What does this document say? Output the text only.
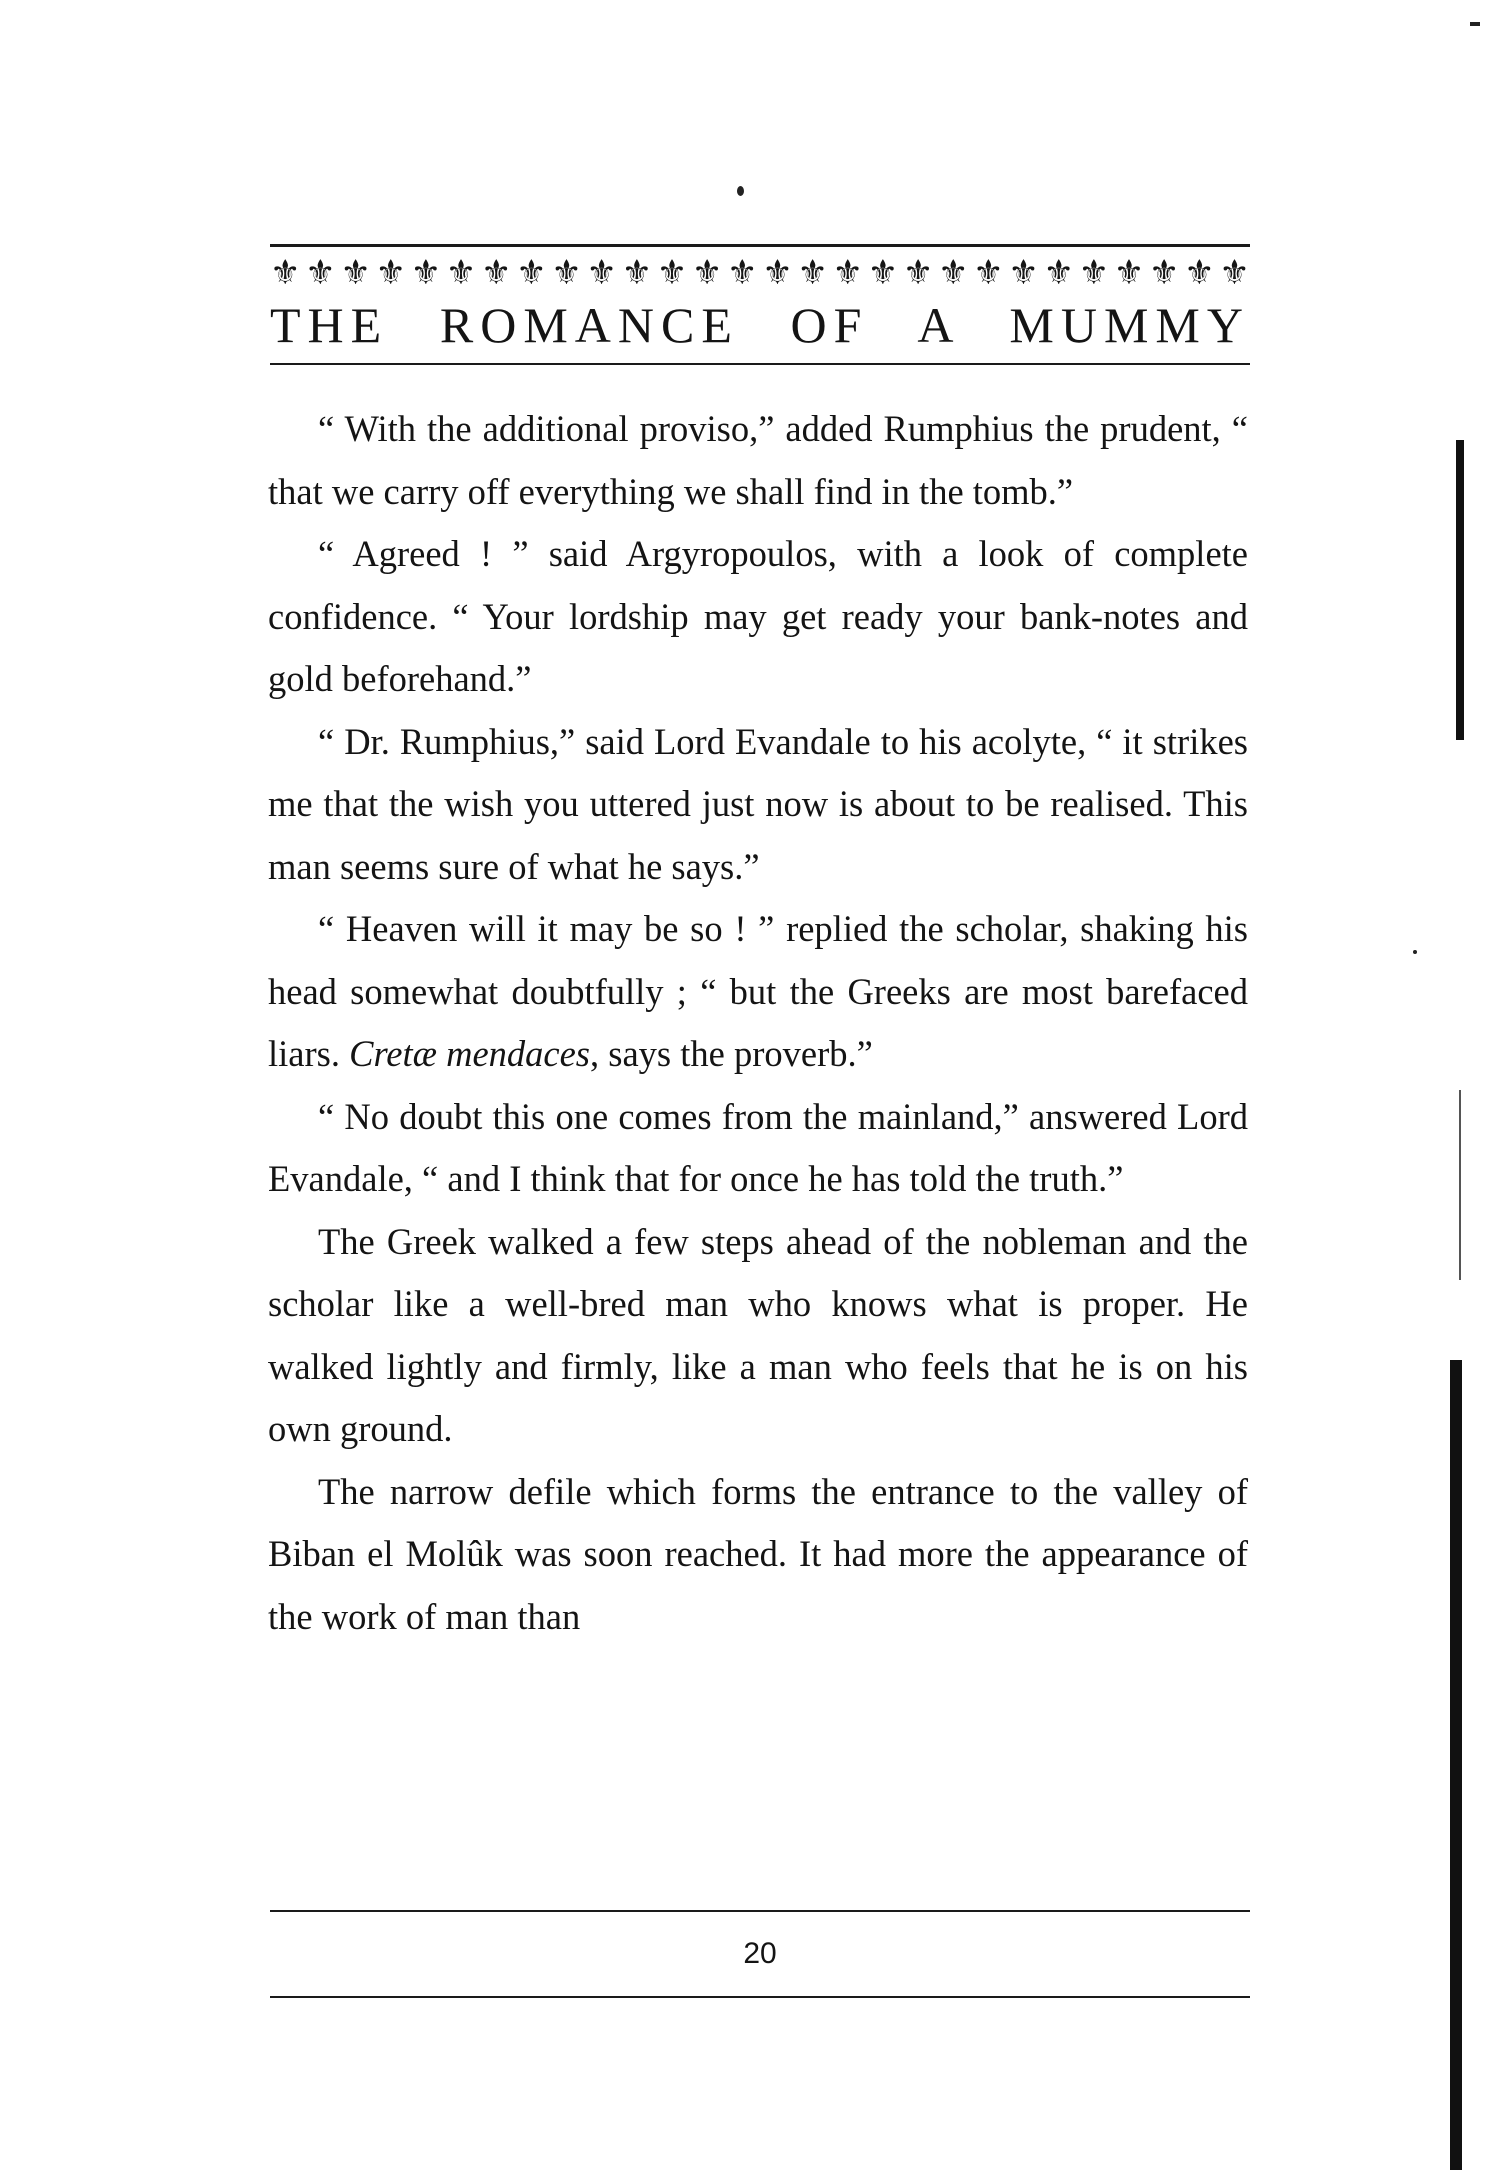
⚜ ⚜ ⚜ ⚜ ⚜ ⚜ ⚜ ⚜ ⚜ ⚜ ⚜ ⚜ ⚜ ⚜ ⚜ ⚜ ⚜ ⚜ ⚜ ⚜ ⚜ ⚜ ⚜ ⚜ ⚜ ⚜ ⚜ ⚜
THE ROMANCE OF A MUMMY

“ With the additional proviso,” added Rumphius the prudent, “ that we carry off everything we shall find in the tomb.”

“ Agreed ! ” said Argyropoulos, with a look of complete confidence. “ Your lordship may get ready your bank-notes and gold beforehand.”

“ Dr. Rumphius,” said Lord Evandale to his acolyte, “ it strikes me that the wish you uttered just now is about to be realised. This man seems sure of what he says.”

“ Heaven will it may be so ! ” replied the scholar, shaking his head somewhat doubtfully ; “ but the Greeks are most barefaced liars. Cretæ mendaces, says the proverb.”

“ No doubt this one comes from the mainland,” answered Lord Evandale, “ and I think that for once he has told the truth.”

The Greek walked a few steps ahead of the nobleman and the scholar like a well-bred man who knows what is proper. He walked lightly and firmly, like a man who feels that he is on his own ground.

The narrow defile which forms the entrance to the valley of Biban el Molûk was soon reached. It had more the appearance of the work of man than

20
